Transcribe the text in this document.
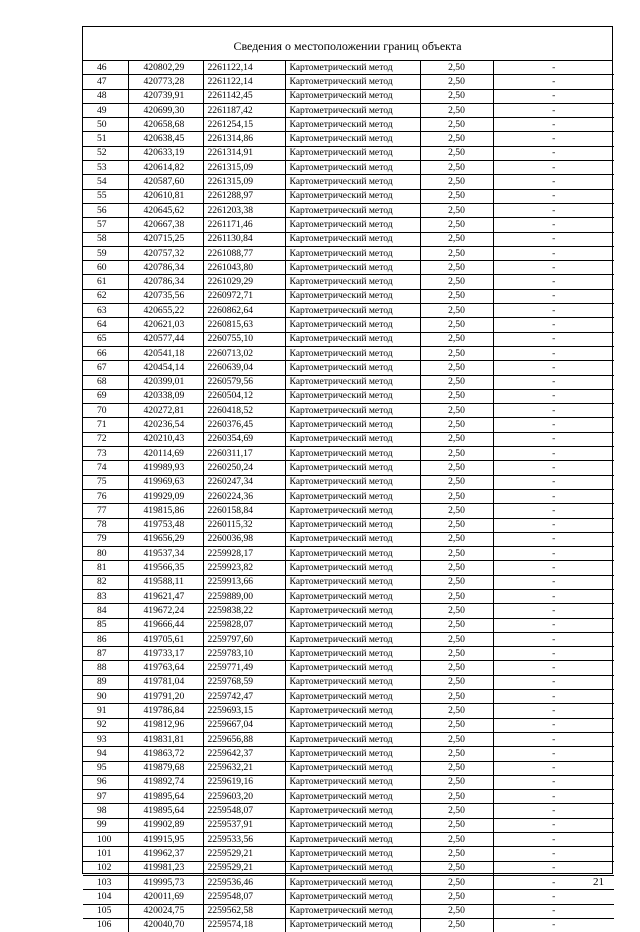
Сведения о местоположении границ объекта
46	420802,29	2261122,14	Картометрический метод	2,50	-
47	420773,28	2261122,14	Картометрический метод	2,50	-
48	420739,91	2261142,45	Картометрический метод	2,50	-
49	420699,30	2261187,42	Картометрический метод	2,50	-
50	420658,68	2261254,15	Картометрический метод	2,50	-
51	420638,45	2261314,86	Картометрический метод	2,50	-
52	420633,19	2261314,91	Картометрический метод	2,50	-
53	420614,82	2261315,09	Картометрический метод	2,50	-
54	420587,60	2261315,09	Картометрический метод	2,50	-
55	420610,81	2261288,97	Картометрический метод	2,50	-
56	420645,62	2261203,38	Картометрический метод	2,50	-
57	420667,38	2261171,46	Картометрический метод	2,50	-
58	420715,25	2261130,84	Картометрический метод	2,50	-
59	420757,32	2261088,77	Картометрический метод	2,50	-
60	420786,34	2261043,80	Картометрический метод	2,50	-
61	420786,34	2261029,29	Картометрический метод	2,50	-
62	420735,56	2260972,71	Картометрический метод	2,50	-
63	420655,22	2260862,64	Картометрический метод	2,50	-
64	420621,03	2260815,63	Картометрический метод	2,50	-
65	420577,44	2260755,10	Картометрический метод	2,50	-
66	420541,18	2260713,02	Картометрический метод	2,50	-
67	420454,14	2260639,04	Картометрический метод	2,50	-
68	420399,01	2260579,56	Картометрический метод	2,50	-
69	420338,09	2260504,12	Картометрический метод	2,50	-
70	420272,81	2260418,52	Картометрический метод	2,50	-
71	420236,54	2260376,45	Картометрический метод	2,50	-
72	420210,43	2260354,69	Картометрический метод	2,50	-
73	420114,69	2260311,17	Картометрический метод	2,50	-
74	419989,93	2260250,24	Картометрический метод	2,50	-
75	419969,63	2260247,34	Картометрический метод	2,50	-
76	419929,09	2260224,36	Картометрический метод	2,50	-
77	419815,86	2260158,84	Картометрический метод	2,50	-
78	419753,48	2260115,32	Картометрический метод	2,50	-
79	419656,29	2260036,98	Картометрический метод	2,50	-
80	419537,34	2259928,17	Картометрический метод	2,50	-
81	419566,35	2259923,82	Картометрический метод	2,50	-
82	419588,11	2259913,66	Картометрический метод	2,50	-
83	419621,47	2259889,00	Картометрический метод	2,50	-
84	419672,24	2259838,22	Картометрический метод	2,50	-
85	419666,44	2259828,07	Картометрический метод	2,50	-
86	419705,61	2259797,60	Картометрический метод	2,50	-
87	419733,17	2259783,10	Картометрический метод	2,50	-
88	419763,64	2259771,49	Картометрический метод	2,50	-
89	419781,04	2259768,59	Картометрический метод	2,50	-
90	419791,20	2259742,47	Картометрический метод	2,50	-
91	419786,84	2259693,15	Картометрический метод	2,50	-
92	419812,96	2259667,04	Картометрический метод	2,50	-
93	419831,81	2259656,88	Картометрический метод	2,50	-
94	419863,72	2259642,37	Картометрический метод	2,50	-
95	419879,68	2259632,21	Картометрический метод	2,50	-
96	419892,74	2259619,16	Картометрический метод	2,50	-
97	419895,64	2259603,20	Картометрический метод	2,50	-
98	419895,64	2259548,07	Картометрический метод	2,50	-
99	419902,89	2259537,91	Картометрический метод	2,50	-
100	419915,95	2259533,56	Картометрический метод	2,50	-
101	419962,37	2259529,21	Картометрический метод	2,50	-
102	419981,23	2259529,21	Картометрический метод	2,50	-
103	419995,73	2259536,46	Картометрический метод	2,50	-
104	420011,69	2259548,07	Картометрический метод	2,50	-
105	420024,75	2259562,58	Картометрический метод	2,50	-
106	420040,70	2259574,18	Картометрический метод	2,50	-
21
